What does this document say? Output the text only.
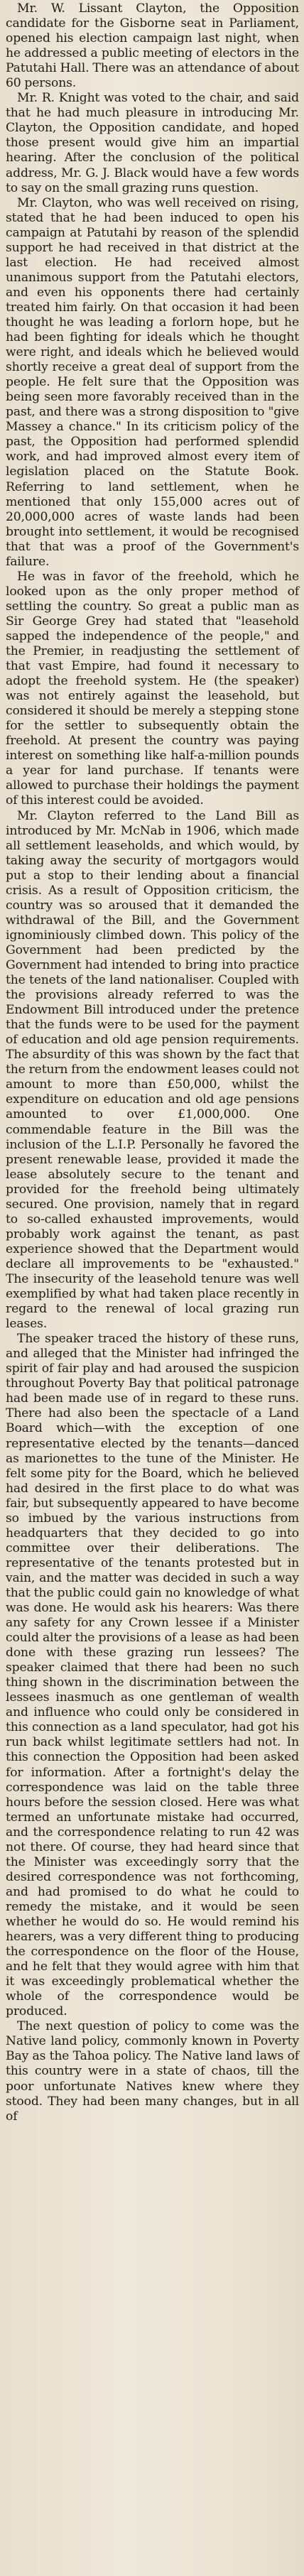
Mr. W. Lissant Clayton, the Opposition candidate for the Gisborne seat in Parliament, opened his election campaign last night, when he addressed a public meeting of electors in the Patutahi Hall. There was an attendance of about 60 persons.

Mr. R. Knight was voted to the chair, and said that he had much pleasure in introducing Mr. Clayton, the Opposition candidate, and hoped those present would give him an impartial hearing. After the conclusion of the political address, Mr. G. J. Black would have a few words to say on the small grazing runs question.

Mr. Clayton, who was well received on rising, stated that he had been induced to open his campaign at Patutahi by reason of the splendid support he had received in that district at the last election. He had received almost unanimous support from the Patutahi electors, and even his opponents there had certainly treated him fairly. On that occasion it had been thought he was leading a forlorn hope, but he had been fighting for ideals which he thought were right, and ideals which he believed would shortly receive a great deal of support from the people. He felt sure that the Opposition was being seen more favorably received than in the past, and there was a strong disposition to "give Massey a chance." In its criticism policy of the past, the Opposition had performed splendid work, and had improved almost every item of legislation placed on the Statute Book. Referring to land settlement, when he mentioned that only 155,000 acres out of 20,000,000 acres of waste lands had been brought into settlement, it would be recognised that that was a proof of the Government's failure.

He was in favor of the freehold, which he looked upon as the only proper method of settling the country. So great a public man as Sir George Grey had stated that "leasehold sapped the independence of the people," and the Premier, in readjusting the settlement of that vast Empire, had found it necessary to adopt the freehold system. He (the speaker) was not entirely against the leasehold, but considered it should be merely a stepping stone for the settler to subsequently obtain the freehold. At present the country was paying interest on something like half-a-million pounds a year for land purchase. If tenants were allowed to purchase their holdings the payment of this interest could be avoided.

Mr. Clayton referred to the Land Bill as introduced by Mr. McNab in 1906, which made all settlement leaseholds, and which would, by taking away the security of mortgagors would put a stop to their lending about a financial crisis. As a result of Opposition criticism, the country was so aroused that it demanded the withdrawal of the Bill, and the Government ignominiously climbed down. This policy of the Government had been predicted by the Government had intended to bring into practice the tenets of the land nationaliser. Coupled with the provisions already referred to was the Endowment Bill introduced under the pretence that the funds were to be used for the payment of education and old age pension requirements. The absurdity of this was shown by the fact that the return from the endowment leases could not amount to more than £50,000, whilst the expenditure on education and old age pensions amounted to over £1,000,000. One commendable feature in the Bill was the inclusion of the L.I.P. Personally he favored the present renewable lease, provided it made the lease absolutely secure to the tenant and provided for the freehold being ultimately secured. One provision, namely that in regard to so-called exhausted improvements, would probably work against the tenant, as past experience showed that the Department would declare all improvements to be "exhausted." The insecurity of the leasehold tenure was well exemplified by what had taken place recently in regard to the renewal of local grazing run leases.

The speaker traced the history of these runs, and alleged that the Minister had infringed the spirit of fair play and had aroused the suspicion throughout Poverty Bay that political patronage had been made use of in regard to these runs. There had also been the spectacle of a Land Board which—with the exception of one representative elected by the tenants—danced as marionettes to the tune of the Minister. He felt some pity for the Board, which he believed had desired in the first place to do what was fair, but subsequently appeared to have become so imbued by the various instructions from headquarters that they decided to go into committee over their deliberations. The representative of the tenants protested but in vain, and the matter was decided in such a way that the public could gain no knowledge of what was done. He would ask his hearers: Was there any safety for any Crown lessee if a Minister could alter the provisions of a lease as had been done with these grazing run lessees? The speaker claimed that there had been no such thing shown in the discrimination between the lessees inasmuch as one gentleman of wealth and influence who could only be considered in this connection as a land speculator, had got his run back whilst legitimate settlers had not. In this connection the Opposition had been asked for information. After a fortnight's delay the correspondence was laid on the table three hours before the session closed. Here was what termed an unfortunate mistake had occurred, and the correspondence relating to run 42 was not there. Of course, they had heard since that the Minister was exceedingly sorry that the desired correspondence was not forthcoming, and had promised to do what he could to remedy the mistake, and it would be seen whether he would do so. He would remind his hearers, was a very different thing to producing the correspondence on the floor of the House, and he felt that they would agree with him that it was exceedingly problematical whether the whole of the correspondence would be produced.

The next question of policy to come was the Native land policy, commonly known in Poverty Bay as the Tahoa policy. The Native land laws of this country were in a state of chaos, till the poor unfortunate Natives knew where they stood. They had been many changes, but in all of
